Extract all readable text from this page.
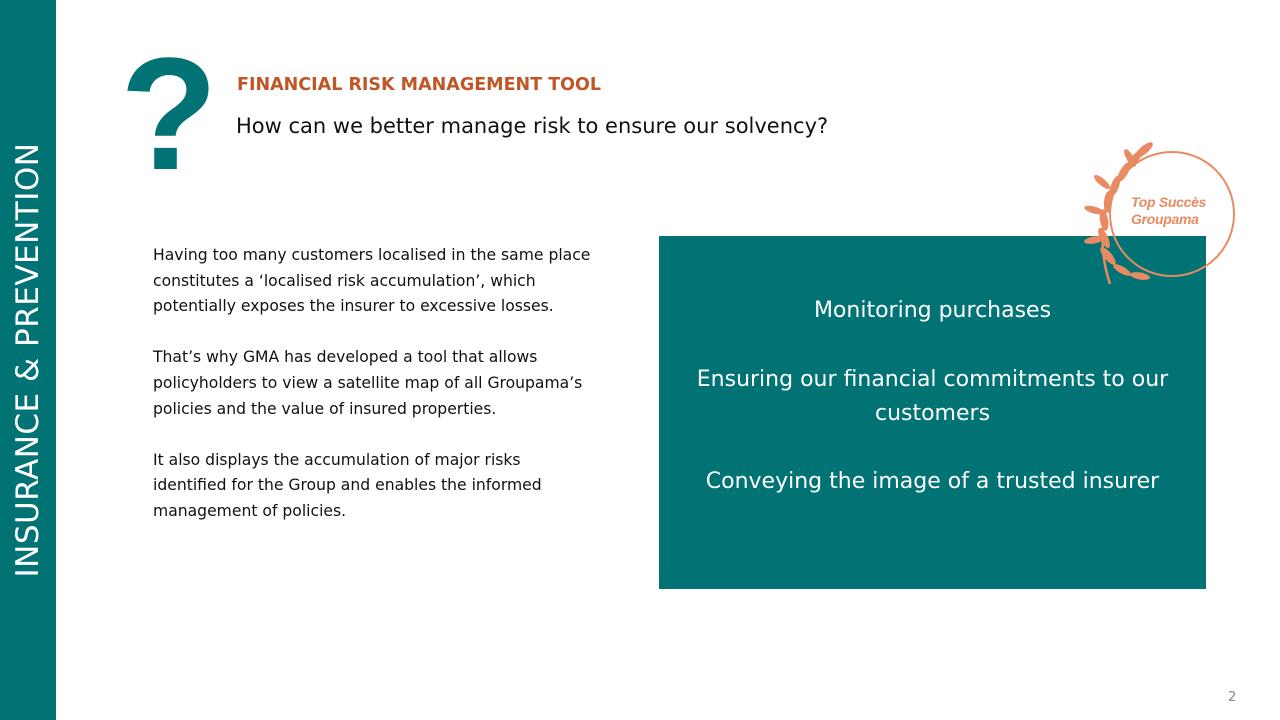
INSURANCE & PREVENTION
? FINANCIAL RISK MANAGEMENT TOOL
How can we better manage risk to ensure our solvency?

Having too many customers localised in the same place constitutes a ‘localised risk accumulation’, which potentially exposes the insurer to excessive losses.

That’s why GMA has developed a tool that allows policyholders to view a satellite map of all Groupama’s policies and the value of insured properties.

It also displays the accumulation of major risks identified for the Group and enables the informed management of policies.

Monitoring purchases
Ensuring our financial commitments to our customers
Conveying the image of a trusted insurer
Top Succès
Groupama
2
